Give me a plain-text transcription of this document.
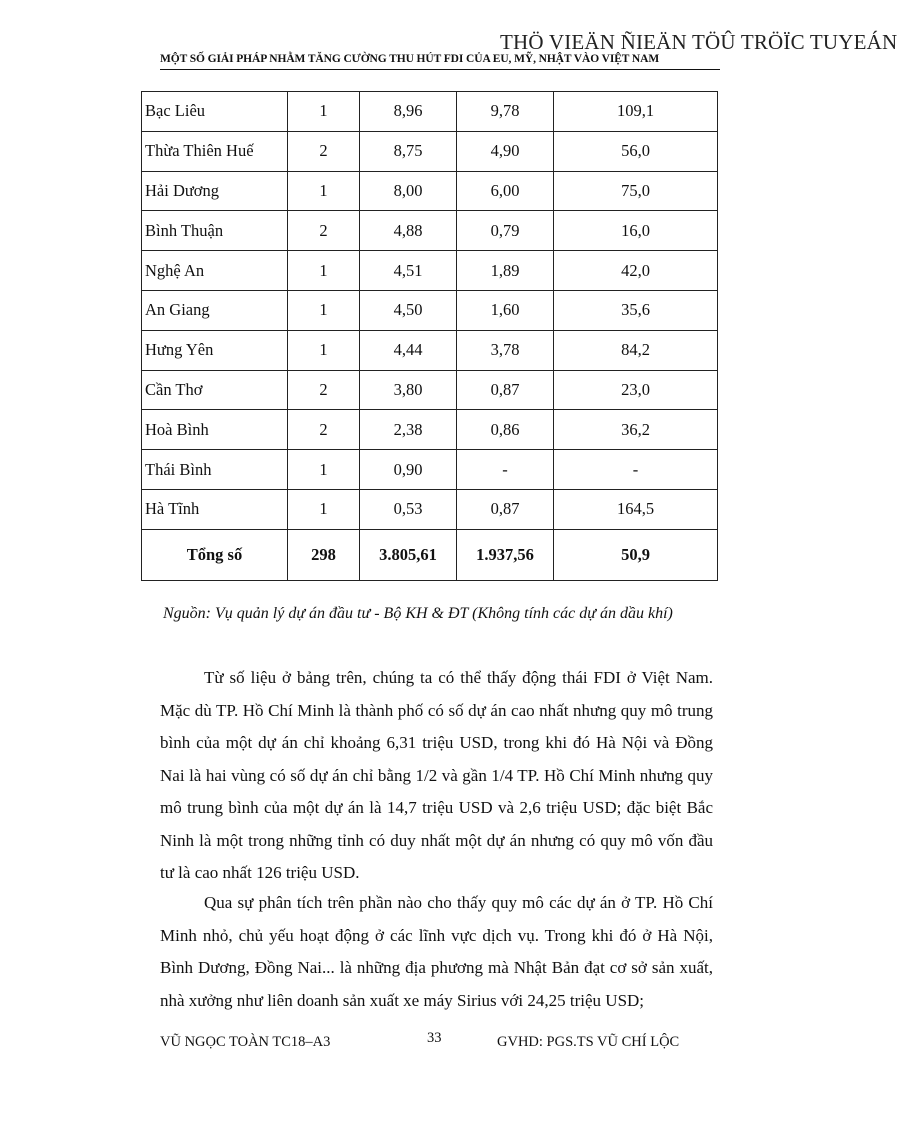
THÖ VIEÄN ÑIEÄN TÖÛ TRÖÏC TUYEÁN
MỘT SỐ GIẢI PHÁP NHẰM TĂNG CƯỜNG THU HÚT FDI CỦA EU, MỸ, NHẬT VÀO VIỆT NAM
Bạc Liêu	1	8,96	9,78	109,1
Thừa Thiên Huế	2	8,75	4,90	56,0
Hải Dương	1	8,00	6,00	75,0
Bình Thuận	2	4,88	0,79	16,0
Nghệ An	1	4,51	1,89	42,0
An Giang	1	4,50	1,60	35,6
Hưng Yên	1	4,44	3,78	84,2
Cần Thơ	2	3,80	0,87	23,0
Hoà Bình	2	2,38	0,86	36,2
Thái Bình	1	0,90	-	-
Hà Tĩnh	1	0,53	0,87	164,5
Tổng số	298	3.805,61	1.937,56	50,9
Nguồn: Vụ quản lý dự án đầu tư - Bộ KH & ĐT (Không tính các dự án dầu khí)

Từ số liệu ở bảng trên, chúng ta có thể thấy động thái FDI ở Việt Nam. Mặc dù TP. Hồ Chí Minh là thành phố có số dự án cao nhất nhưng quy mô trung bình của một dự án chỉ khoảng 6,31 triệu USD, trong khi đó Hà Nội và Đồng Nai là hai vùng có số dự án chỉ bằng 1/2 và gần 1/4 TP. Hồ Chí Minh nhưng quy mô trung bình của một dự án là 14,7 triệu USD và 2,6 triệu USD; đặc biệt Bắc Ninh là một trong những tỉnh có duy nhất một dự án nhưng có quy mô vốn đầu tư là cao nhất 126 triệu USD.

Qua sự phân tích trên phần nào cho thấy quy mô các dự án ở TP. Hồ Chí Minh nhỏ, chủ yếu hoạt động ở các lĩnh vực dịch vụ. Trong khi đó ở Hà Nội, Bình Dương, Đồng Nai... là những địa phương mà Nhật Bản đạt cơ sở sản xuất, nhà xưởng như liên doanh sản xuất xe máy Sirius với 24,25 triệu USD;

VŨ NGỌC TOÀN TC18–A3	33	GVHD: PGS.TS VŨ CHÍ LỘC
